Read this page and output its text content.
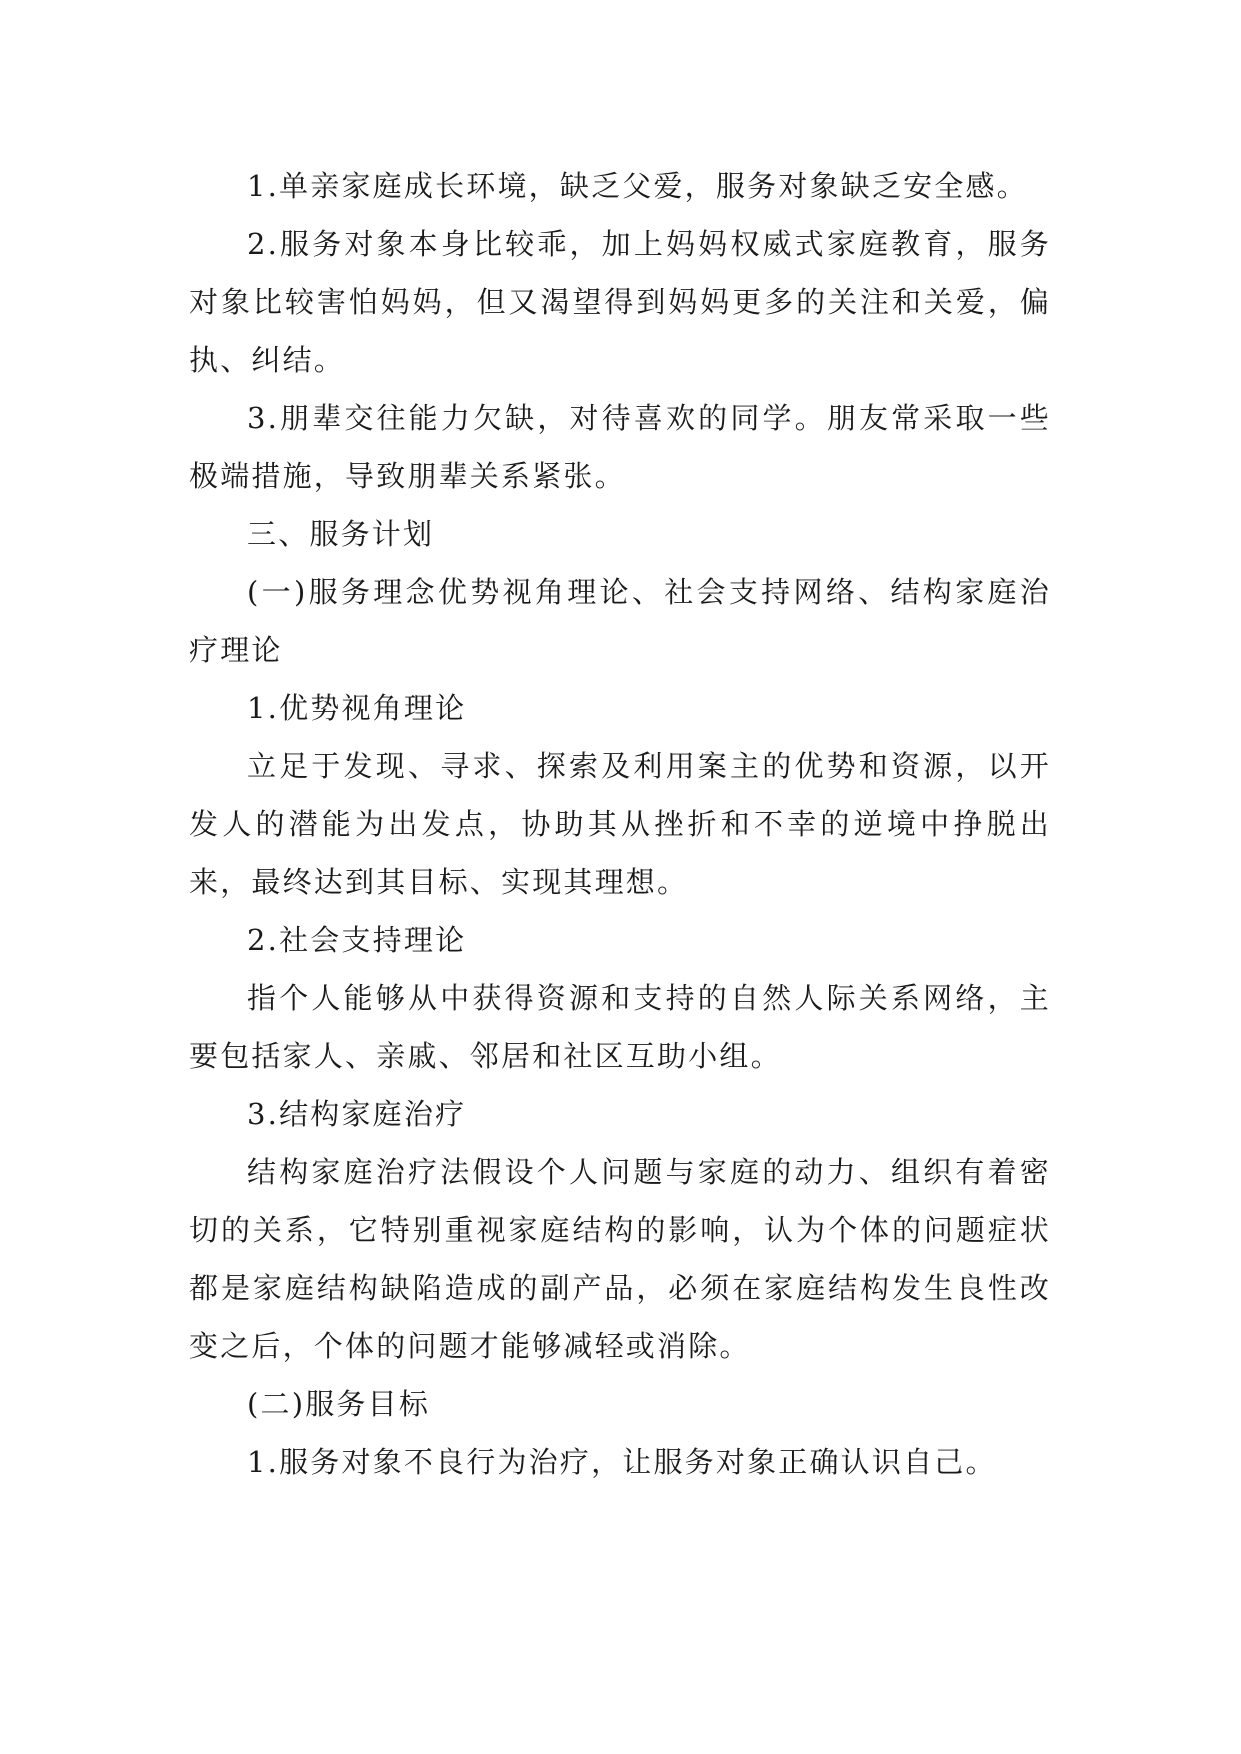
1.单亲家庭成长环境，缺乏父爱，服务对象缺乏安全感。

2.服务对象本身比较乖，加上妈妈权威式家庭教育，服务对象比较害怕妈妈，但又渴望得到妈妈更多的关注和关爱，偏执、纠结。

3.朋辈交往能力欠缺，对待喜欢的同学。朋友常采取一些极端措施，导致朋辈关系紧张。

三、服务计划

(一)服务理念优势视角理论、社会支持网络、结构家庭治疗理论

1.优势视角理论

立足于发现、寻求、探索及利用案主的优势和资源，以开发人的潜能为出发点，协助其从挫折和不幸的逆境中挣脱出来，最终达到其目标、实现其理想。

2.社会支持理论

指个人能够从中获得资源和支持的自然人际关系网络，主要包括家人、亲戚、邻居和社区互助小组。

3.结构家庭治疗

结构家庭治疗法假设个人问题与家庭的动力、组织有着密切的关系，它特别重视家庭结构的影响，认为个体的问题症状都是家庭结构缺陷造成的副产品，必须在家庭结构发生良性改变之后，个体的问题才能够减轻或消除。

(二)服务目标

1.服务对象不良行为治疗，让服务对象正确认识自己。
